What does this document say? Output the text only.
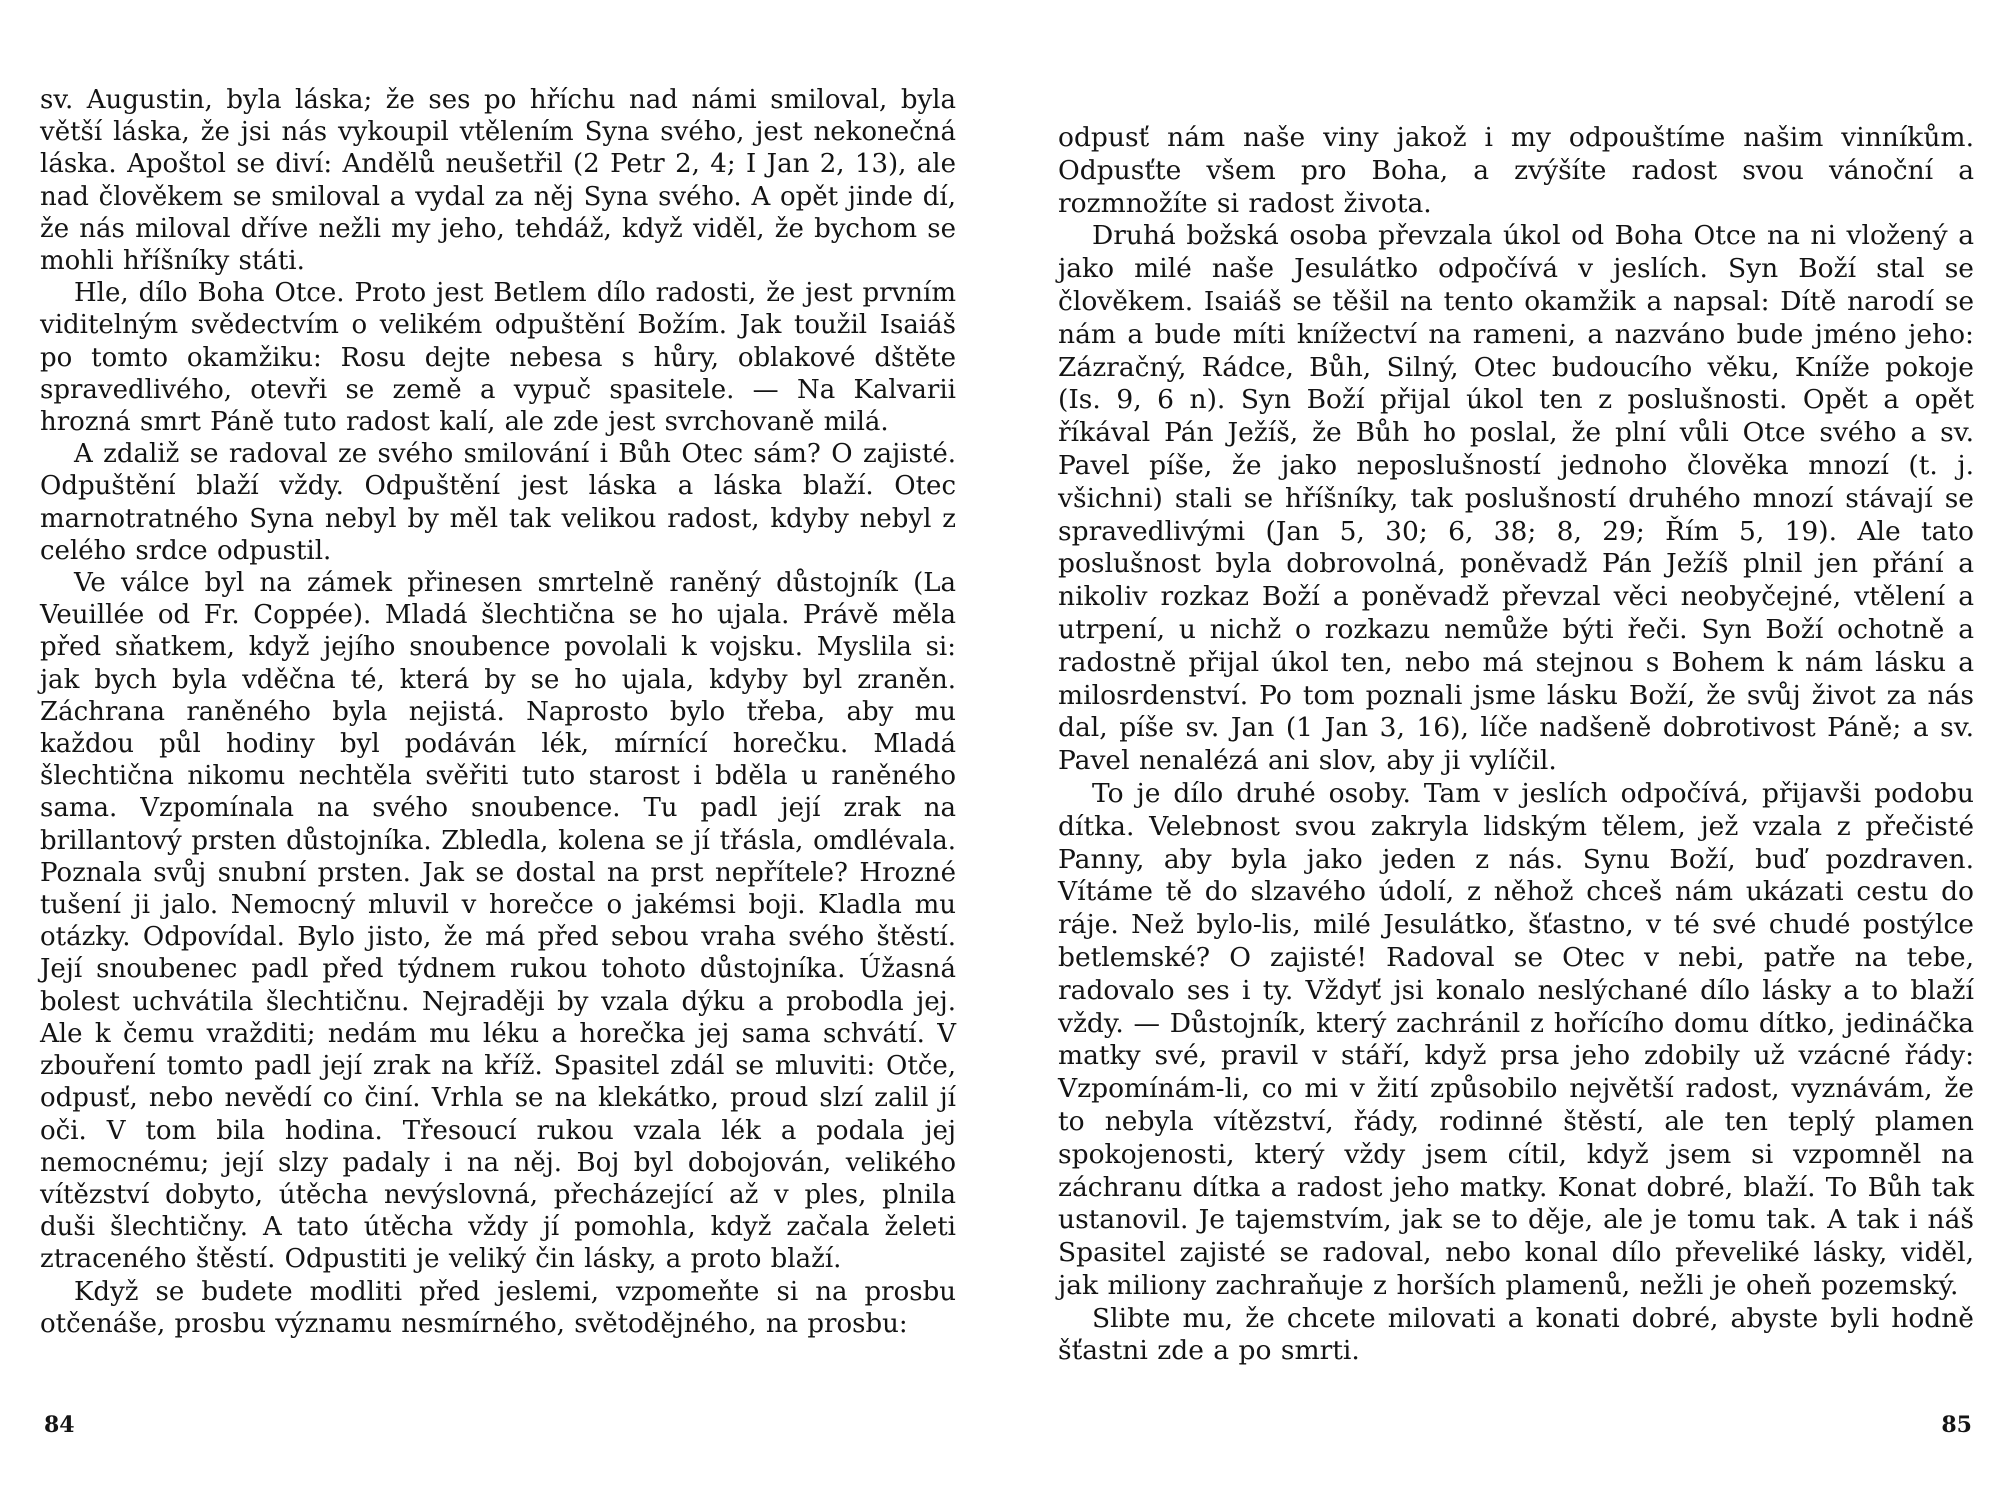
sv. Augustin, byla láska; že ses po hříchu nad námi smiloval, byla větší láska, že jsi nás vykoupil vtělením Syna svého, jest nekonečná láska. Apoštol se diví: Andělů neušetřil (2 Petr 2, 4; I Jan 2, 13), ale nad člověkem se smiloval a vydal za něj Syna svého. A opět jinde dí, že nás miloval dříve nežli my jeho, tehdáž, když viděl, že bychom se mohli hříšníky státi.

Hle, dílo Boha Otce. Proto jest Betlem dílo radosti, že jest prvním viditelným svědectvím o velikém odpuštění Božím. Jak toužil Isaiáš po tomto okamžiku: Rosu dejte nebesa s hůry, oblakové dštěte spravedlivého, otevři se země a vypuč spasitele. — Na Kalvarii hrozná smrt Páně tuto radost kalí, ale zde jest svrchovaně milá.

A zdaliž se radoval ze svého smilování i Bůh Otec sám? O zajisté. Odpuštění blaží vždy. Odpuštění jest láska a láska blaží. Otec marnotratného Syna nebyl by měl tak velikou radost, kdyby nebyl z celého srdce odpustil.

Ve válce byl na zámek přinesen smrtelně raněný důstojník (La Veuillée od Fr. Coppée). Mladá šlechtična se ho ujala. Právě měla před sňatkem, když jejího snoubence povolali k vojsku. Myslila si: jak bych byla vděčna té, která by se ho ujala, kdyby byl zraněn. Záchrana raněného byla nejistá. Naprosto bylo třeba, aby mu každou půl hodiny byl podáván lék, mírnící horečku. Mladá šlechtična nikomu nechtěla svěřiti tuto starost i bděla u raněného sama. Vzpomínala na svého snoubence. Tu padl její zrak na brillantový prsten důstojníka. Zbledla, kolena se jí třásla, omdlévala. Poznala svůj snubní prsten. Jak se dostal na prst nepřítele? Hrozné tušení ji jalo. Nemocný mluvil v horečce o jakémsi boji. Kladla mu otázky. Odpovídal. Bylo jisto, že má před sebou vraha svého štěstí. Její snoubenec padl před týdnem rukou tohoto důstojníka. Úžasná bolest uchvátila šlechtičnu. Nejraději by vzala dýku a probodla jej. Ale k čemu vražditi; nedám mu léku a horečka jej sama schvátí. V zbouření tomto padl její zrak na kříž. Spasitel zdál se mluviti: Otče, odpusť, nebo nevědí co činí. Vrhla se na klekátko, proud slzí zalil jí oči. V tom bila hodina. Třesoucí rukou vzala lék a podala jej nemocnému; její slzy padaly i na něj. Boj byl dobojován, velikého vítězství dobyto, útěcha nevýslovná, přecházející až v ples, plnila duši šlechtičny. A tato útěcha vždy jí pomohla, když začala želeti ztraceného štěstí. Odpustiti je veliký čin lásky, a proto blaží.

Když se budete modliti před jeslemi, vzpomeňte si na prosbu otčenáše, prosbu významu nesmírného, světodějného, na prosbu:

84

odpusť nám naše viny jakož i my odpouštíme našim vinníkům. Odpusťte všem pro Boha, a zvýšíte radost svou vánoční a rozmnožíte si radost života.

Druhá božská osoba převzala úkol od Boha Otce na ni vložený a jako milé naše Jesulátko odpočívá v jeslích. Syn Boží stal se člověkem. Isaiáš se těšil na tento okamžik a napsal: Dítě narodí se nám a bude míti knížectví na rameni, a nazváno bude jméno jeho: Zázračný, Rádce, Bůh, Silný, Otec budoucího věku, Kníže pokoje (Is. 9, 6 n). Syn Boží přijal úkol ten z poslušnosti. Opět a opět říkával Pán Ježíš, že Bůh ho poslal, že plní vůli Otce svého a sv. Pavel píše, že jako neposlušností jednoho člověka mnozí (t. j. všichni) stali se hříšníky, tak poslušností druhého mnozí stávají se spravedlivými (Jan 5, 30; 6, 38; 8, 29; Řím 5, 19). Ale tato poslušnost byla dobrovolná, poněvadž Pán Ježíš plnil jen přání a nikoliv rozkaz Boží a poněvadž převzal věci neobyčejné, vtělení a utrpení, u nichž o rozkazu nemůže býti řeči. Syn Boží ochotně a radostně přijal úkol ten, nebo má stejnou s Bohem k nám lásku a milosrdenství. Po tom poznali jsme lásku Boží, že svůj život za nás dal, píše sv. Jan (1 Jan 3, 16), líče nadšeně dobrotivost Páně; a sv. Pavel nenalézá ani slov, aby ji vylíčil.

To je dílo druhé osoby. Tam v jeslích odpočívá, přijavši podobu dítka. Velebnost svou zakryla lidským tělem, jež vzala z přečisté Panny, aby byla jako jeden z nás. Synu Boží, buď pozdraven. Vítáme tě do slzavého údolí, z něhož chceš nám ukázati cestu do ráje. Než bylo-lis, milé Jesulátko, šťastno, v té své chudé postýlce betlemské? O zajisté! Radoval se Otec v nebi, patře na tebe, radovalo ses i ty. Vždyť jsi konalo neslýchané dílo lásky a to blaží vždy. — Důstojník, který zachránil z hořícího domu dítko, jedináčka matky své, pravil v stáří, když prsa jeho zdobily už vzácné řády: Vzpomínám-li, co mi v žití způsobilo největší radost, vyznávám, že to nebyla vítězství, řády, rodinné štěstí, ale ten teplý plamen spokojenosti, který vždy jsem cítil, když jsem si vzpomněl na záchranu dítka a radost jeho matky. Konat dobré, blaží. To Bůh tak ustanovil. Je tajemstvím, jak se to děje, ale je tomu tak. A tak i náš Spasitel zajisté se radoval, nebo konal dílo převeliké lásky, viděl, jak miliony zachraňuje z horších plamenů, nežli je oheň pozemský.

Slibte mu, že chcete milovati a konati dobré, abyste byli hodně šťastni zde a po smrti.

85
